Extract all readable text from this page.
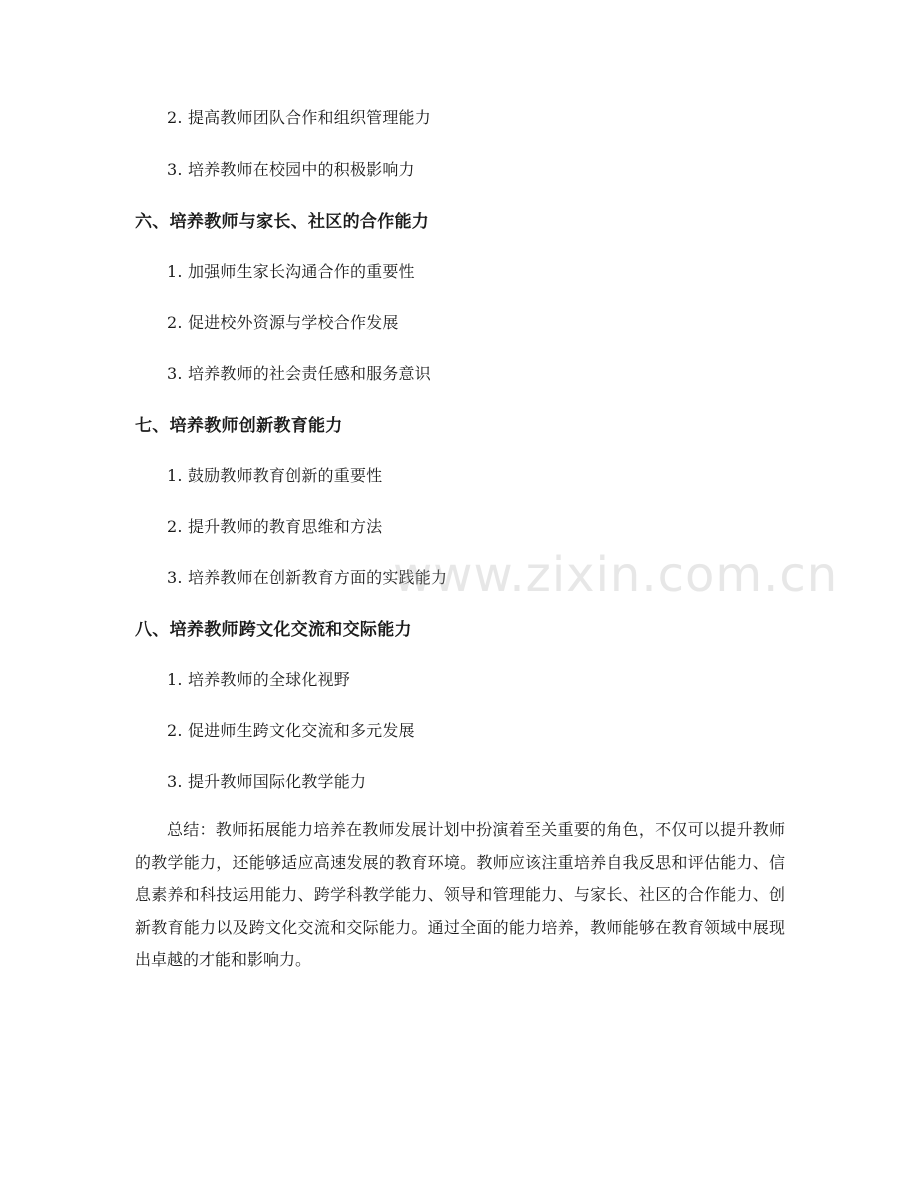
2. 提高教师团队合作和组织管理能力
3. 培养教师在校园中的积极影响力
六、培养教师与家长、社区的合作能力
1. 加强师生家长沟通合作的重要性
2. 促进校外资源与学校合作发展
3. 培养教师的社会责任感和服务意识
七、培养教师创新教育能力
1. 鼓励教师教育创新的重要性
2. 提升教师的教育思维和方法
3. 培养教师在创新教育方面的实践能力
八、培养教师跨文化交流和交际能力
1. 培养教师的全球化视野
2. 促进师生跨文化交流和多元发展
3. 提升教师国际化教学能力
总结：教师拓展能力培养在教师发展计划中扮演着至关重要的角色，不仅可以提升教师的教学能力，还能够适应高速发展的教育环境。教师应该注重培养自我反思和评估能力、信息素养和科技运用能力、跨学科教学能力、领导和管理能力、与家长、社区的合作能力、创新教育能力以及跨文化交流和交际能力。通过全面的能力培养，教师能够在教育领域中展现出卓越的才能和影响力。
www.zixin.com.cn
